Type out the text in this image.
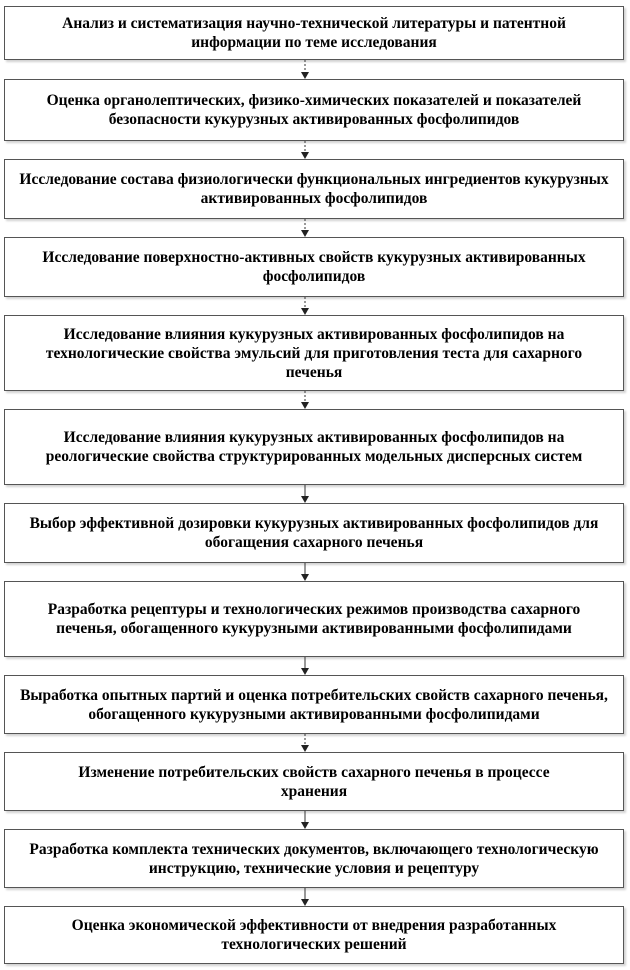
Анализ и систематизация научно-технической литературы и патентной информации по теме исследования
Оценка органолептических, физико-химических показателей и показателей безопасности кукурузных активированных фосфолипидов
Исследование состава физиологически функциональных ингредиентов кукурузных активированных фосфолипидов
Исследование поверхностно-активных свойств кукурузных активированных фосфолипидов
Исследование влияния кукурузных активированных фосфолипидов на технологические свойства эмульсий для приготовления теста для сахарного печенья
Исследование влияния кукурузных активированных фосфолипидов на реологические свойства структурированных модельных дисперсных систем
Выбор эффективной дозировки кукурузных активированных фосфолипидов для обогащения сахарного печенья
Разработка рецептуры и технологических режимов производства сахарного печенья, обогащенного кукурузными активированными фосфолипидами
Выработка опытных партий и оценка потребительских свойств сахарного печенья, обогащенного кукурузными активированными фосфолипидами
Изменение потребительских свойств сахарного печенья в процессе хранения
Разработка комплекта технических документов, включающего технологическую инструкцию, технические условия и рецептуру
Оценка экономической эффективности от внедрения разработанных технологических решений
